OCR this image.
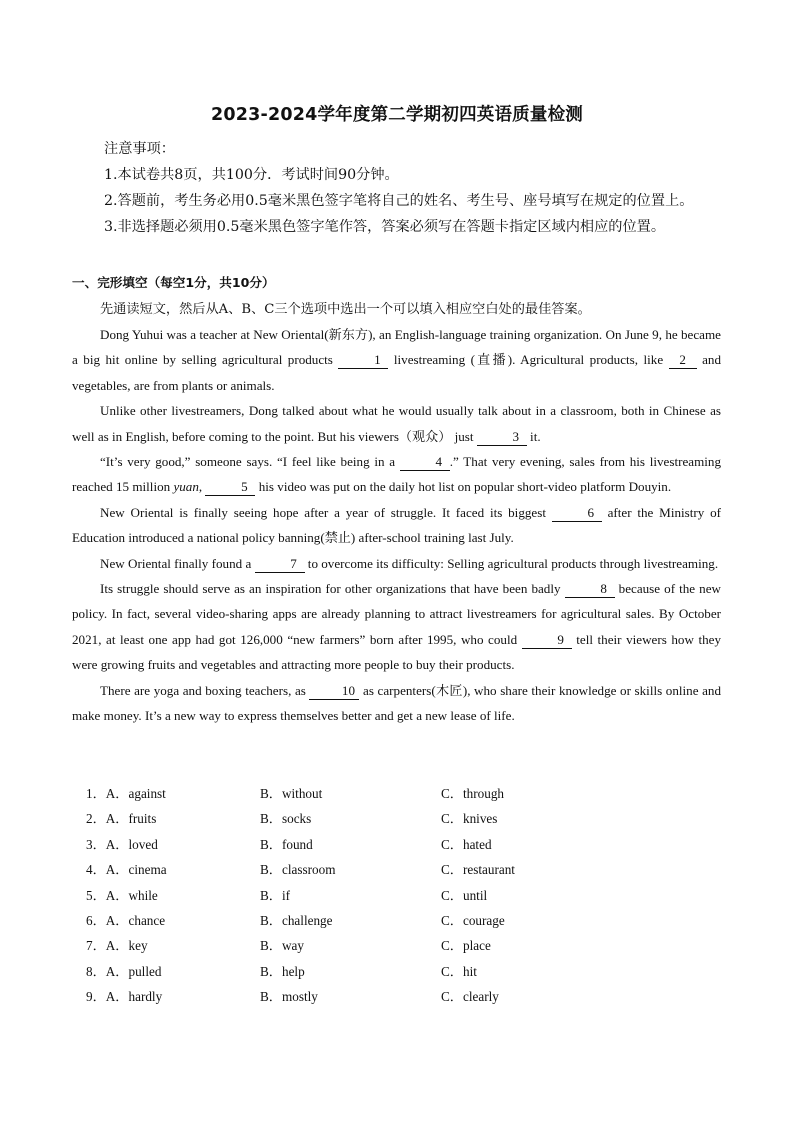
2023-2024学年度第二学期初四英语质量检测

注意事项：

1.本试卷共8页，共100分．考试时间90分钟。

2.答题前，考生务必用0.5毫米黑色签字笔将自己的姓名、考生号、座号填写在规定的位置上。

3.非选择题必须用0.5毫米黑色签字笔作答，答案必须写在答题卡指定区域内相应的位置。

一、完形填空（每空1分，共10分）
先通读短文，然后从A、B、C三个选项中选出一个可以填入相应空白处的最佳答案。

Dong Yuhui was a teacher at New Oriental(新东方), an English-language training organization. On June 9, he became a big hit online by selling agricultural products	1 livestreaming (直播). Agricultural products, like 2 and vegetables, are from plants or animals.

Unlike other livestreamers, Dong talked about what he would usually talk about in a classroom, both in Chinese as well as in English, before coming to the point. But his viewers（观众） just	3 it.

“It’s very good,” someone says. “I feel like being in a	4 .” That very evening, sales from his livestreaming reached 15 million yuan,	5 his video was put on the daily hot list on popular short-video platform Douyin.

New Oriental is finally seeing hope after a year of struggle. It faced its biggest	6 after the Ministry of Education introduced a national policy banning(禁止) after-school training last July.

New Oriental finally found a	7 to overcome its difficulty: Selling agricultural products through livestreaming.

Its struggle should serve as an inspiration for other organizations that have been badly	8 because of the new policy. In fact, several video-sharing apps are already planning to attract livestreamers for agricultural sales. By October 2021, at least one app had got 126,000 “new farmers” born after 1995, who could	9 tell their viewers how they were growing fruits and vegetables and attracting more people to buy their products.

There are yoga and boxing teachers, as 10 as carpenters(木匠), who share their knowledge or skills online and make money. It’s a new way to express themselves better and get a new lease of life.

1．A．against	B．without	C．through
2．A．fruits	B．socks	C．knives
3．A．loved	B．found	C．hated
4．A．cinema	B．classroom	C．restaurant
5．A．while	B．if	C．until
6．A．chance	B．challenge	C．courage
7．A．key	B．way	C．place
8．A．pulled	B．help	C．hit
9．A．hardly	B．mostly	C．clearly
